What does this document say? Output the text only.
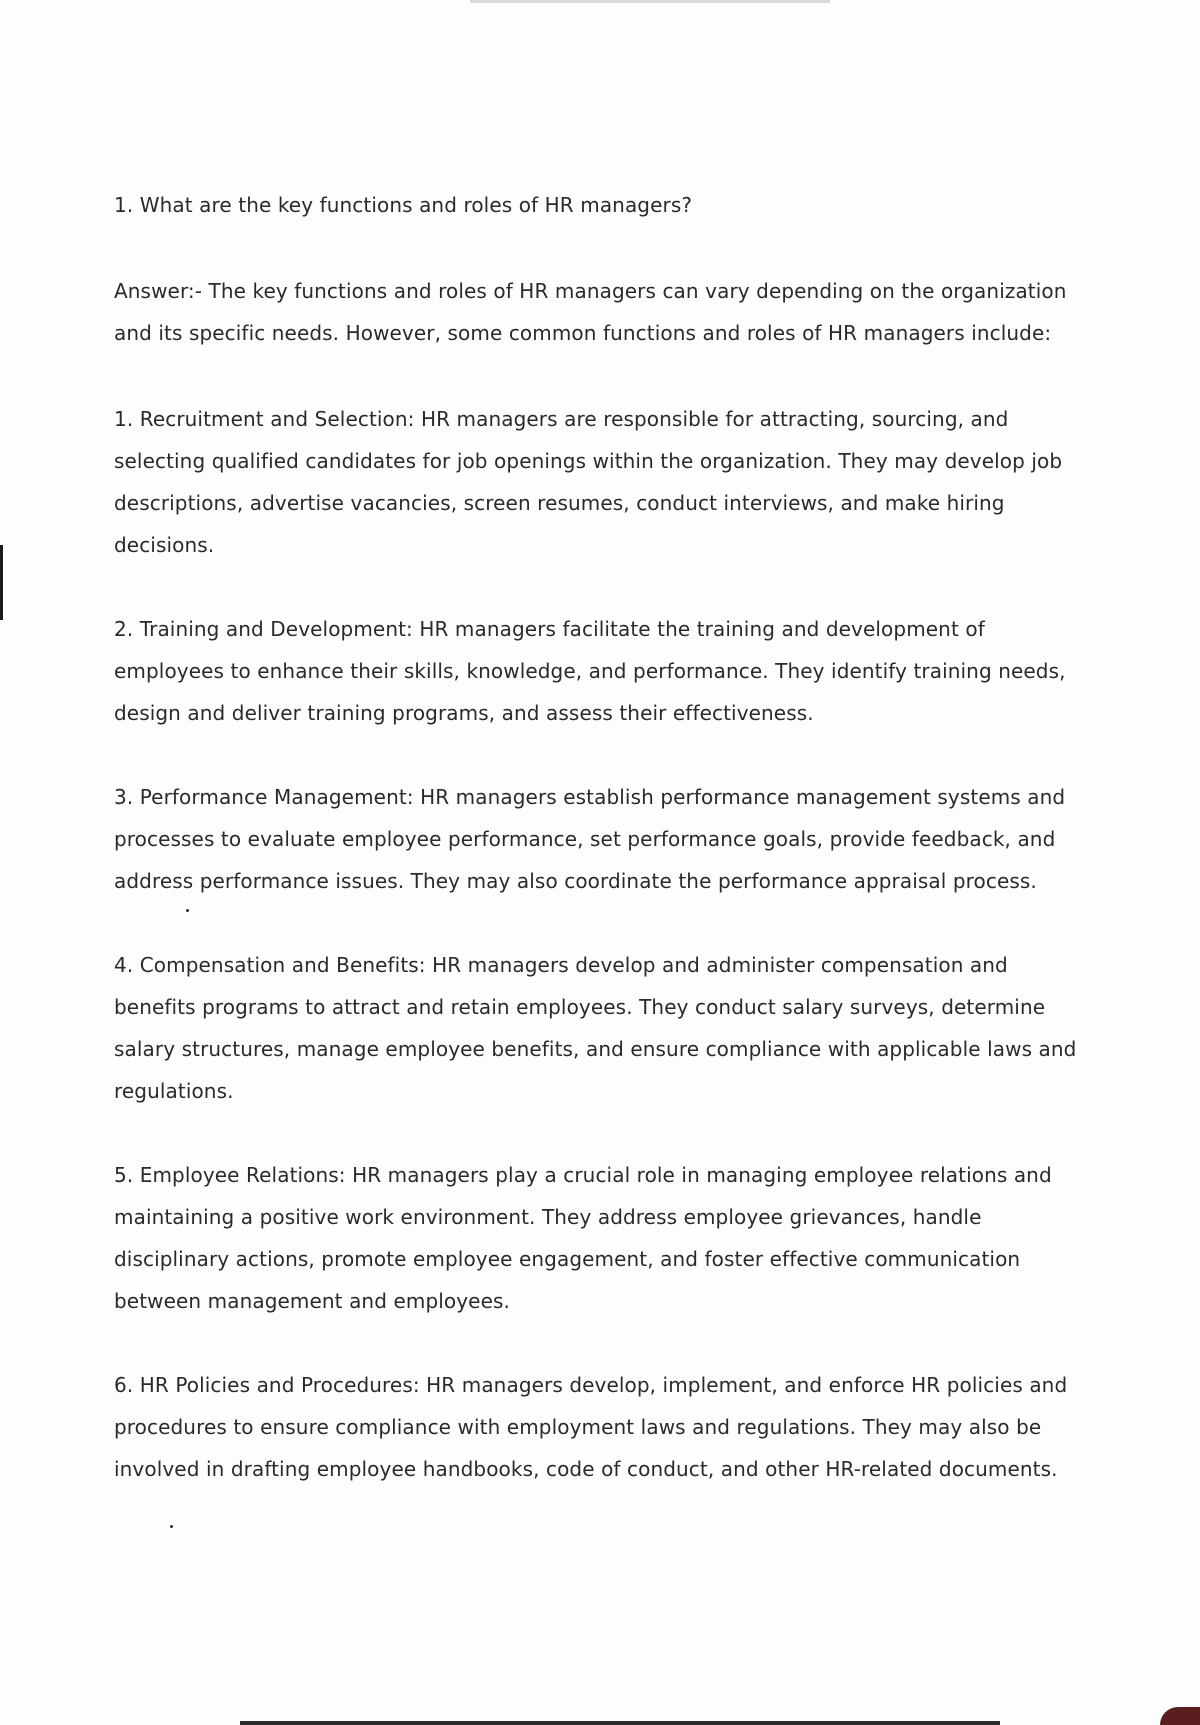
1. What are the key functions and roles of HR managers?

Answer:- The key functions and roles of HR managers can vary depending on the organization and its specific needs. However, some common functions and roles of HR managers include:

1. Recruitment and Selection: HR managers are responsible for attracting, sourcing, and selecting qualified candidates for job openings within the organization. They may develop job descriptions, advertise vacancies, screen resumes, conduct interviews, and make hiring decisions.

2. Training and Development: HR managers facilitate the training and development of employees to enhance their skills, knowledge, and performance. They identify training needs, design and deliver training programs, and assess their effectiveness.

3. Performance Management: HR managers establish performance management systems and processes to evaluate employee performance, set performance goals, provide feedback, and address performance issues. They may also coordinate the performance appraisal process.

4. Compensation and Benefits: HR managers develop and administer compensation and benefits programs to attract and retain employees. They conduct salary surveys, determine salary structures, manage employee benefits, and ensure compliance with applicable laws and regulations.

5. Employee Relations: HR managers play a crucial role in managing employee relations and maintaining a positive work environment. They address employee grievances, handle disciplinary actions, promote employee engagement, and foster effective communication between management and employees.

6. HR Policies and Procedures: HR managers develop, implement, and enforce HR policies and procedures to ensure compliance with employment laws and regulations. They may also be involved in drafting employee handbooks, code of conduct, and other HR-related documents.
